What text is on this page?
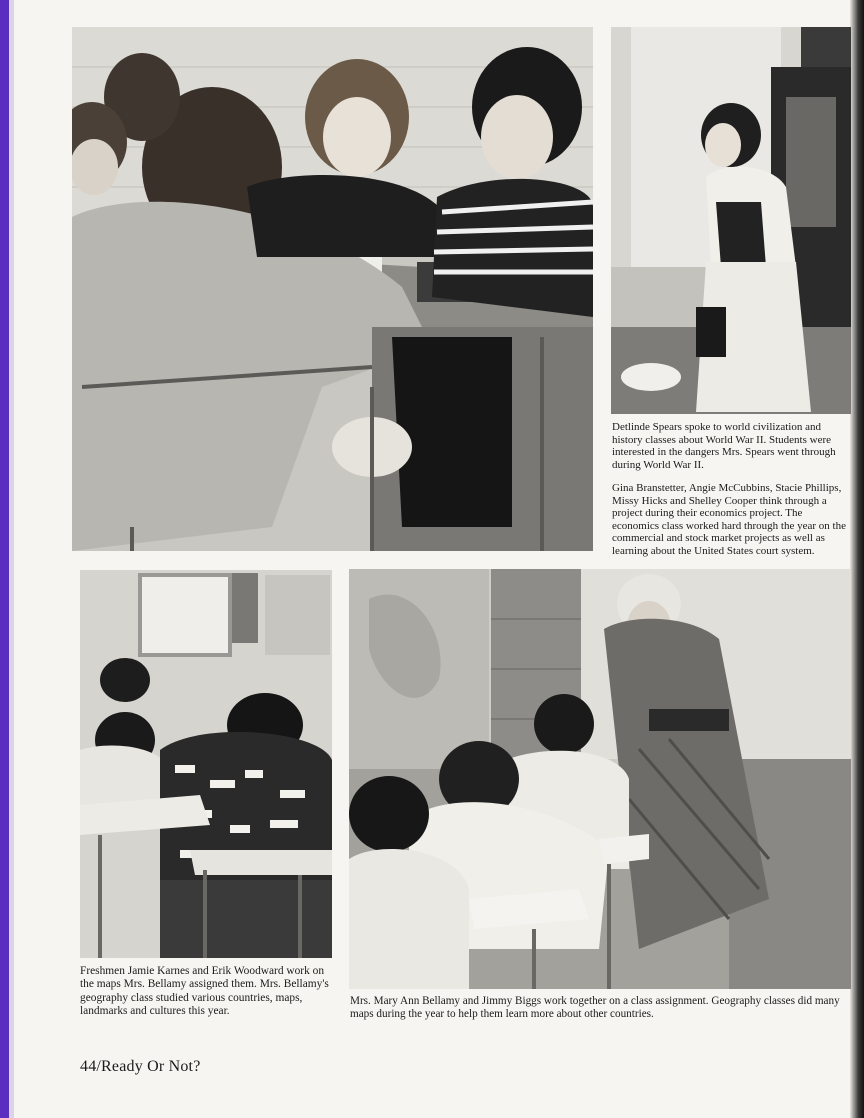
Detlinde Spears spoke to world civilization and history classes about World War II. Students were interested in the dangers Mrs. Spears went through during World War II.

Gina Branstetter, Angie McCubbins, Stacie Phillips, Missy Hicks and Shelley Cooper think through a project during their economics project. The economics class worked hard through the year on the commercial and stock market projects as well as learning about the United States court system.

Freshmen Jamie Karnes and Erik Woodward work on the maps Mrs. Bellamy assigned them. Mrs. Bellamy's geography class studied various countries, maps, landmarks and cultures this year.

Mrs. Mary Ann Bellamy and Jimmy Biggs work together on a class assignment. Geography classes did many maps during the year to help them learn more about other countries.

44/Ready Or Not?
